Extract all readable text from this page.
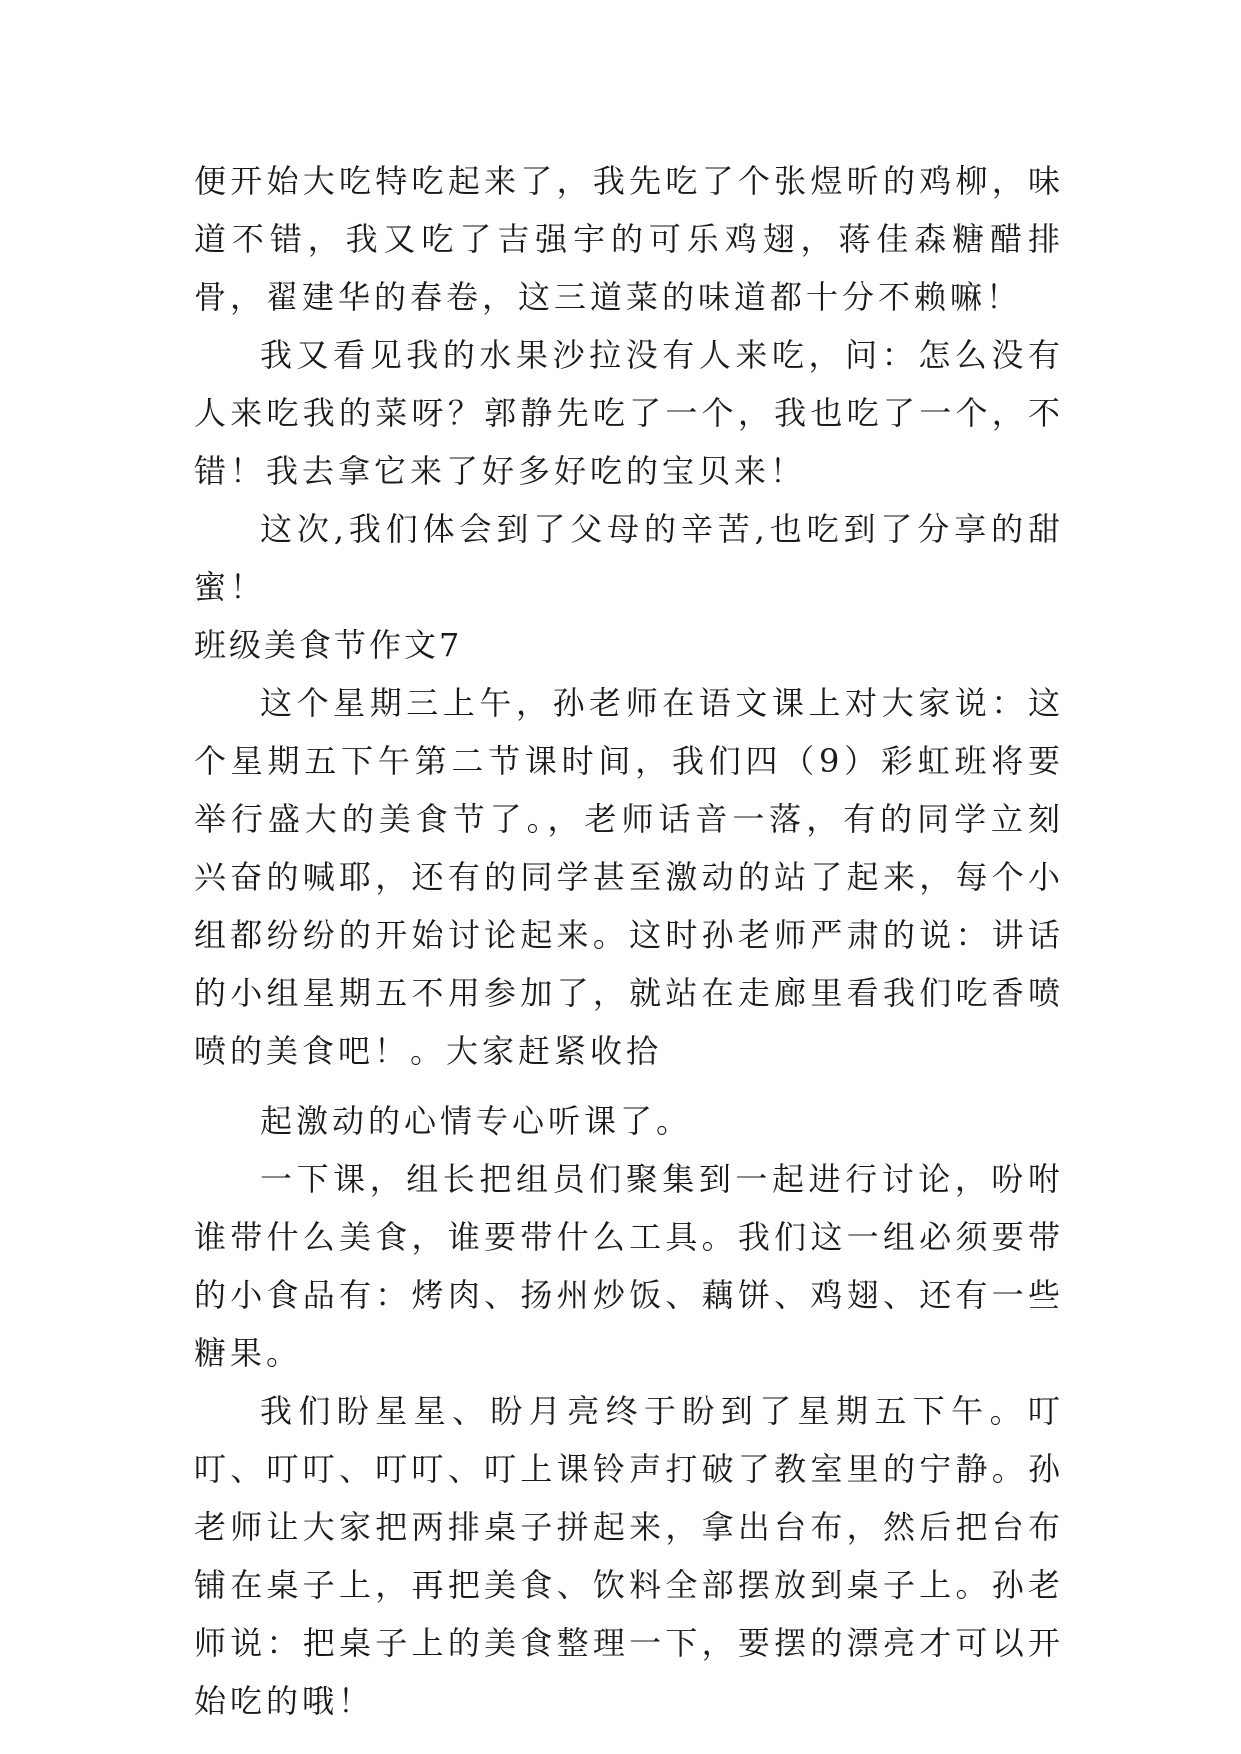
便开始大吃特吃起来了，我先吃了个张煜昕的鸡柳，味道不错，我又吃了吉强宇的可乐鸡翅，蒋佳森糖醋排骨，翟建华的春卷，这三道菜的味道都十分不赖嘛！

我又看见我的水果沙拉没有人来吃，问：怎么没有人来吃我的菜呀？郭静先吃了一个，我也吃了一个，不错！我去拿它来了好多好吃的宝贝来！

这次,我们体会到了父母的辛苦,也吃到了分享的甜蜜！

班级美食节作文7

这个星期三上午，孙老师在语文课上对大家说：这个星期五下午第二节课时间，我们四（9）彩虹班将要举行盛大的美食节了。，老师话音一落，有的同学立刻兴奋的喊耶，还有的同学甚至激动的站了起来，每个小组都纷纷的开始讨论起来。这时孙老师严肃的说：讲话的小组星期五不用参加了，就站在走廊里看我们吃香喷喷的美食吧！。大家赶紧收拾

起激动的心情专心听课了。

一下课，组长把组员们聚集到一起进行讨论，吩咐谁带什么美食，谁要带什么工具。我们这一组必须要带的小食品有：烤肉、扬州炒饭、藕饼、鸡翅、还有一些糖果。

我们盼星星、盼月亮终于盼到了星期五下午。叮叮、叮叮、叮叮、叮上课铃声打破了教室里的宁静。孙老师让大家把两排桌子拼起来，拿出台布，然后把台布铺在桌子上，再把美食、饮料全部摆放到桌子上。孙老师说：把桌子上的美食整理一下，要摆的漂亮才可以开始吃的哦！
